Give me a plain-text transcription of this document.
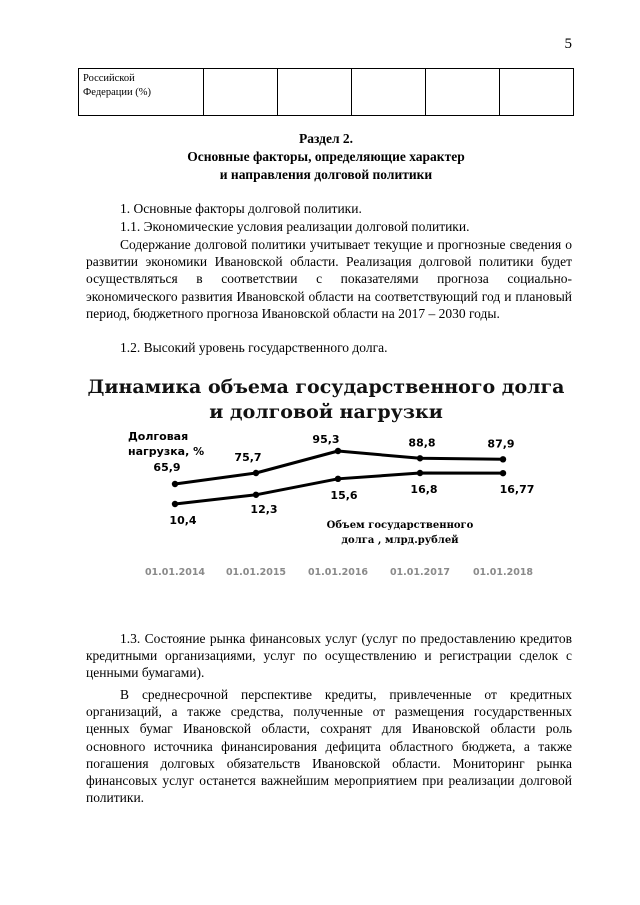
5
Российской
Федерации (%)					
Раздел 2.
Основные факторы, определяющие характер
и направления долговой политики
1. Основные факторы долговой политики.
1.1. Экономические условия реализации долговой политики.
Содержание долговой политики учитывает текущие и прогнозные сведения о развитии экономики Ивановской области. Реализация долговой политики будет осуществляться в соответствии с показателями прогноза социально-экономического развития Ивановской области на соответствующий год и плановый период, бюджетного прогноза Ивановской области на 2017 – 2030 годы.
1.2. Высокий уровень государственного долга.
Динамика объема государственного долга
и долговой нагрузки
65,9
75,7
95,3	88,8	87,9
10,4
12,3
15,6	16,8	16,77
Долговая
нагрузка, %
Объем государственного
долга , млрд.рублей
01.01.2014 01.01.2015 01.01.2016 01.01.2017 01.01.2018
1.3. Состояние рынка финансовых услуг (услуг по предоставлению кредитов кредитными организациями, услуг по осуществлению и регистрации сделок с ценными бумагами).
В среднесрочной перспективе кредиты, привлеченные от кредитных организаций, а также средства, полученные от размещения государственных ценных бумаг Ивановской области, сохранят для Ивановской области роль основного источника финансирования дефицита областного бюджета, а также погашения долговых обязательств Ивановской области. Мониторинг рынка финансовых услуг останется важнейшим мероприятием при реализации долговой политики.
